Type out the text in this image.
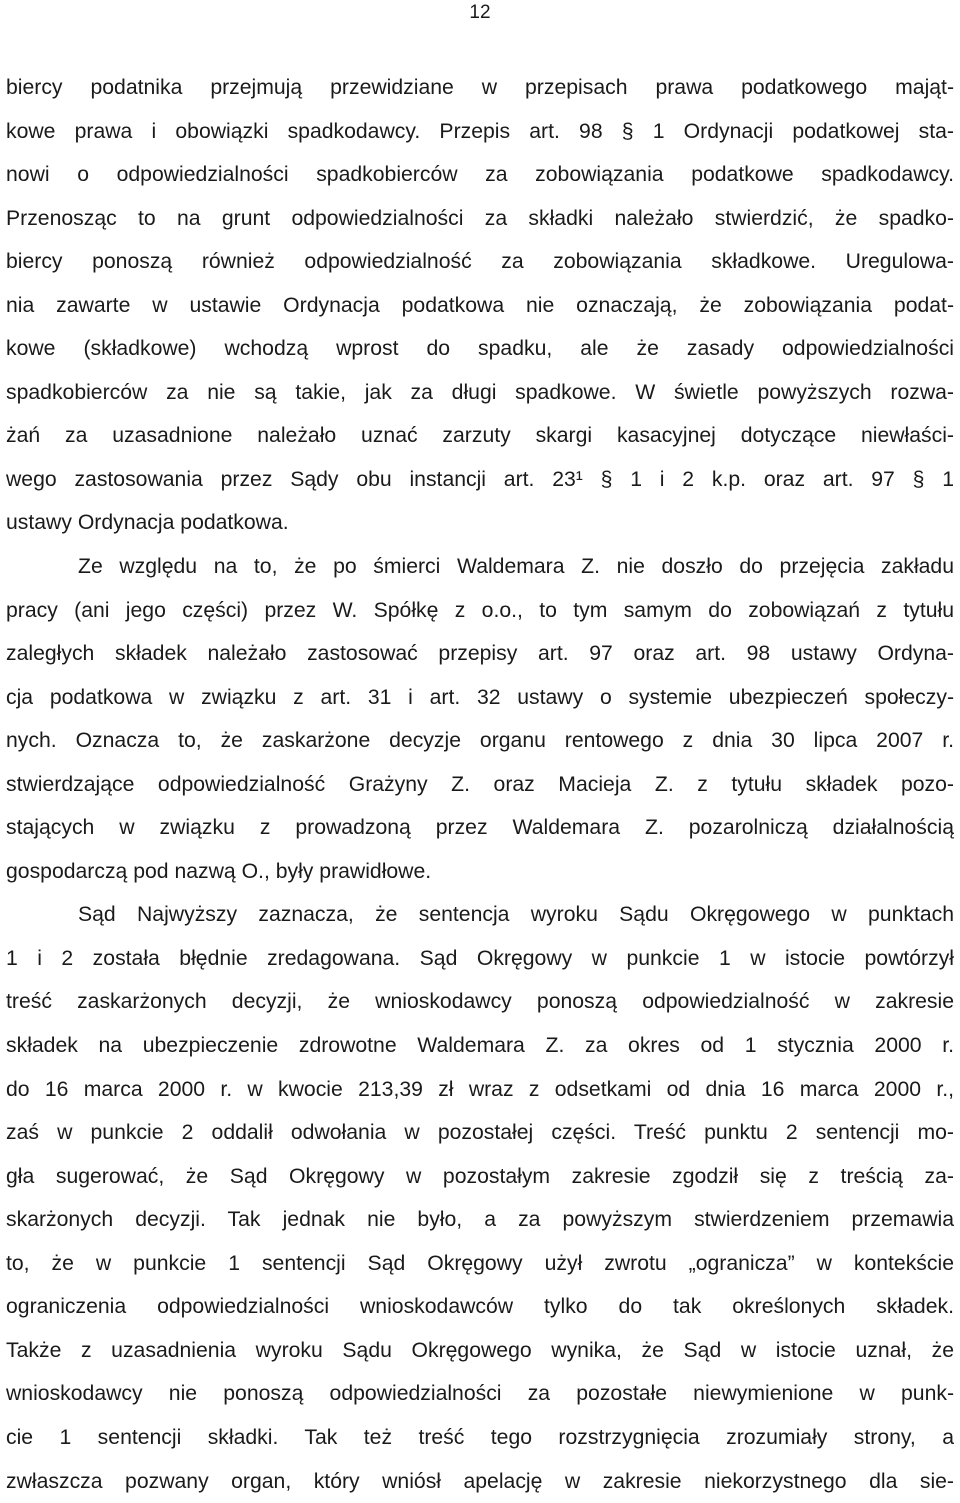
12
biercy podatnika przejmują przewidziane w przepisach prawa podatkowego mająt-
kowe prawa i obowiązki spadkodawcy. Przepis art. 98 § 1 Ordynacji podatkowej sta-
nowi o odpowiedzialności spadkobierców za zobowiązania podatkowe spadkodawcy.
Przenosząc to na grunt odpowiedzialności za składki należało stwierdzić, że spadko-
biercy ponoszą również odpowiedzialność za zobowiązania składkowe. Uregulowa-
nia zawarte w ustawie Ordynacja podatkowa nie oznaczają, że zobowiązania podat-
kowe (składkowe) wchodzą wprost do spadku, ale że zasady odpowiedzialności
spadkobierców za nie są takie, jak za długi spadkowe. W świetle powyższych rozwa-
żań za uzasadnione należało uznać zarzuty skargi kasacyjnej dotyczące niewłaści-
wego zastosowania przez Sądy obu instancji art. 23¹ § 1 i 2 k.p. oraz art. 97 § 1
ustawy Ordynacja podatkowa.
Ze względu na to, że po śmierci Waldemara Z. nie doszło do przejęcia zakładu
pracy (ani jego części) przez W. Spółkę z o.o., to tym samym do zobowiązań z tytułu
zaległych składek należało zastosować przepisy art. 97 oraz art. 98 ustawy Ordyna-
cja podatkowa w związku z art. 31 i art. 32 ustawy o systemie ubezpieczeń społeczy-
nych. Oznacza to, że zaskarżone decyzje organu rentowego z dnia 30 lipca 2007 r.
stwierdzające odpowiedzialność Grażyny Z. oraz Macieja Z. z tytułu składek pozo-
stających w związku z prowadzoną przez Waldemara Z. pozarolniczą działalnością
gospodarczą pod nazwą O., były prawidłowe.
Sąd Najwyższy zaznacza, że sentencja wyroku Sądu Okręgowego w punktach
1 i 2 została błędnie zredagowana. Sąd Okręgowy w punkcie 1 w istocie powtórzył
treść zaskarżonych decyzji, że wnioskodawcy ponoszą odpowiedzialność w zakresie
składek na ubezpieczenie zdrowotne Waldemara Z. za okres od 1 stycznia 2000 r.
do 16 marca 2000 r. w kwocie 213,39 zł wraz z odsetkami od dnia 16 marca 2000 r.,
zaś w punkcie 2 oddalił odwołania w pozostałej części. Treść punktu 2 sentencji mo-
gła sugerować, że Sąd Okręgowy w pozostałym zakresie zgodził się z treścią za-
skarżonych decyzji. Tak jednak nie było, a za powyższym stwierdzeniem przemawia
to, że w punkcie 1 sentencji Sąd Okręgowy użył zwrotu „ogranicza” w kontekście
ograniczenia odpowiedzialności wnioskodawców tylko do tak określonych składek.
Także z uzasadnienia wyroku Sądu Okręgowego wynika, że Sąd w istocie uznał, że
wnioskodawcy nie ponoszą odpowiedzialności za pozostałe niewymienione w punk-
cie 1 sentencji składki. Tak też treść tego rozstrzygnięcia zrozumiały strony, a
zwłaszcza pozwany organ, który wniósł apelację w zakresie niekorzystnego dla sie-
